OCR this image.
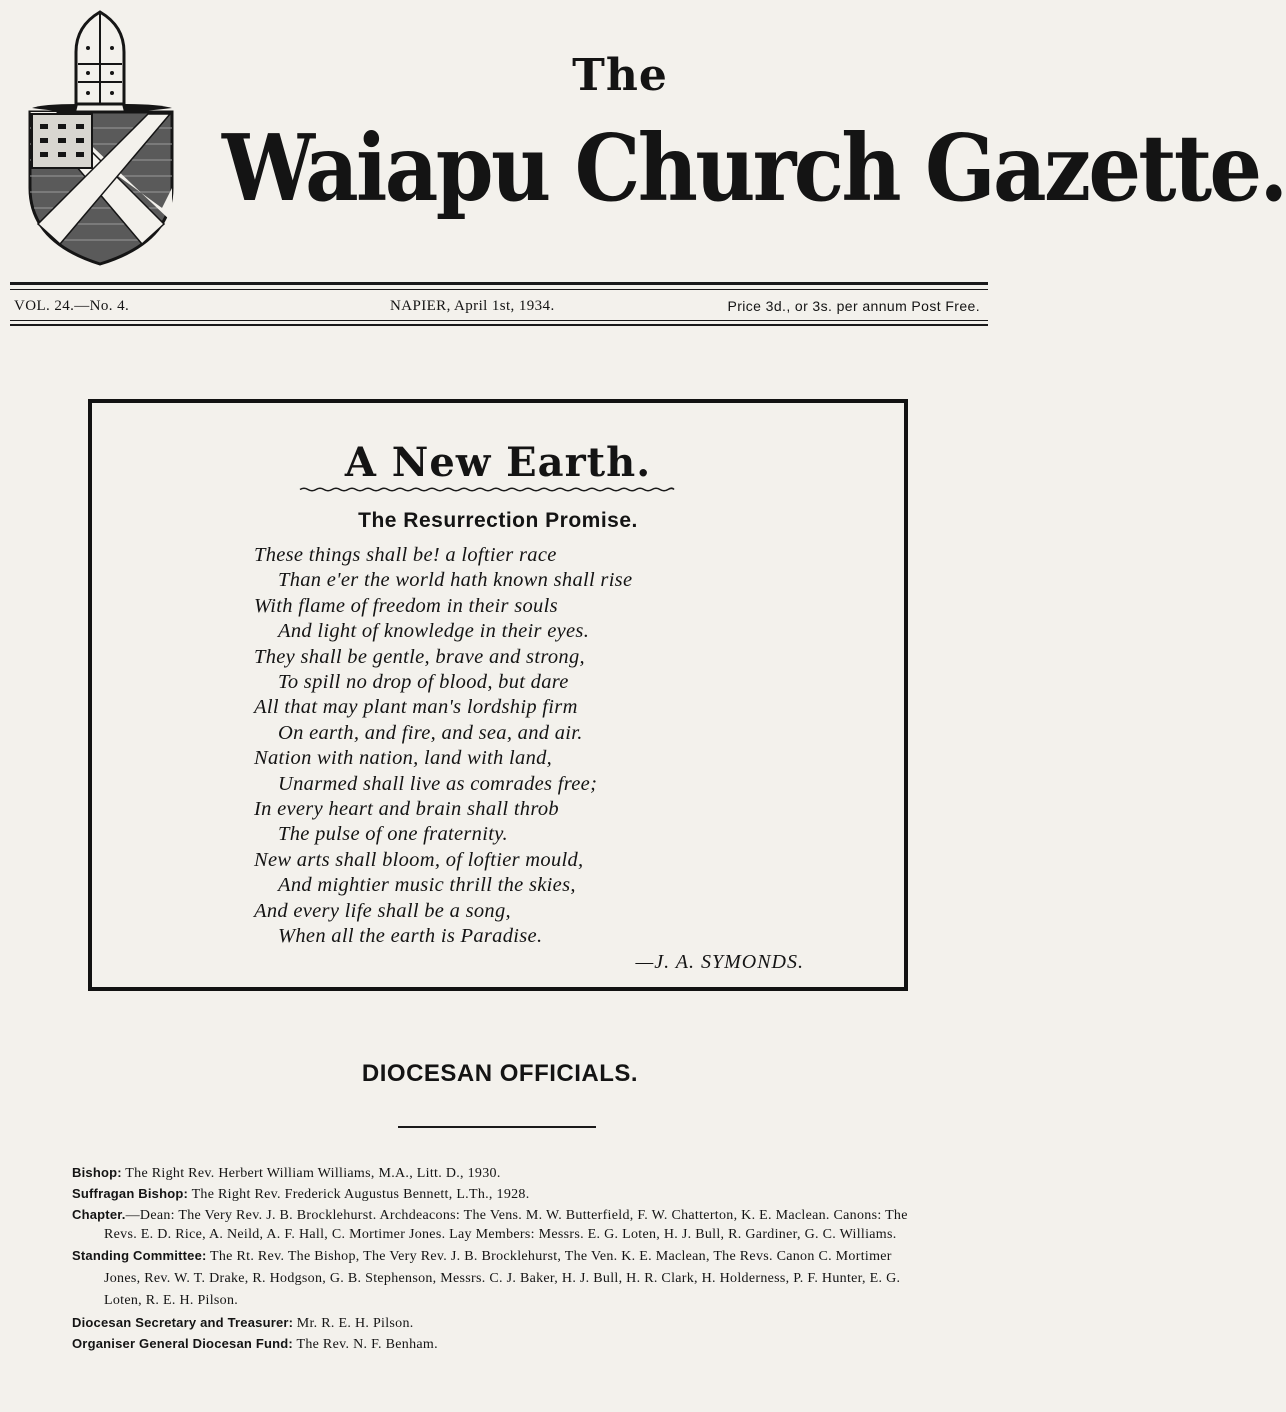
The
Waiapu Church Gazette.
VOL. 24.—No. 4.	NAPIER, April 1st, 1934.	Price 3d., or 3s. per annum Post Free.
A New Earth.
The Resurrection Promise.
These things shall be! a loftier race
Than e'er the world hath known shall rise
With flame of freedom in their souls
And light of knowledge in their eyes.
They shall be gentle, brave and strong,
To spill no drop of blood, but dare
All that may plant man's lordship firm
On earth, and fire, and sea, and air.
Nation with nation, land with land,
Unarmed shall live as comrades free;
In every heart and brain shall throb
The pulse of one fraternity.
New arts shall bloom, of loftier mould,
And mightier music thrill the skies,
And every life shall be a song,
When all the earth is Paradise.
—J. A. SYMONDS.
DIOCESAN OFFICIALS.

Bishop: The Right Rev. Herbert William Williams, M.A., Litt. D., 1930.

Suffragan Bishop: The Right Rev. Frederick Augustus Bennett, L.Th., 1928.

Chapter.—Dean: The Very Rev. J. B. Brocklehurst. Archdeacons: The Vens. M. W. Butterfield, F. W. Chatterton, K. E. Maclean. Canons: The Revs. E. D. Rice, A. Neild, A. F. Hall, C. Mortimer Jones. Lay Members: Messrs. E. G. Loten, H. J. Bull, R. Gardiner, G. C. Williams.

Standing Committee: The Rt. Rev. The Bishop, The Very Rev. J. B. Brocklehurst, The Ven. K. E. Maclean, The Revs. Canon C. Mortimer Jones, Rev. W. T. Drake, R. Hodgson, G. B. Stephenson, Messrs. C. J. Baker, H. J. Bull, H. R. Clark, H. Holderness, P. F. Hunter, E. G. Loten, R. E. H. Pilson.

Diocesan Secretary and Treasurer: Mr. R. E. H. Pilson.

Organiser General Diocesan Fund: The Rev. N. F. Benham.
